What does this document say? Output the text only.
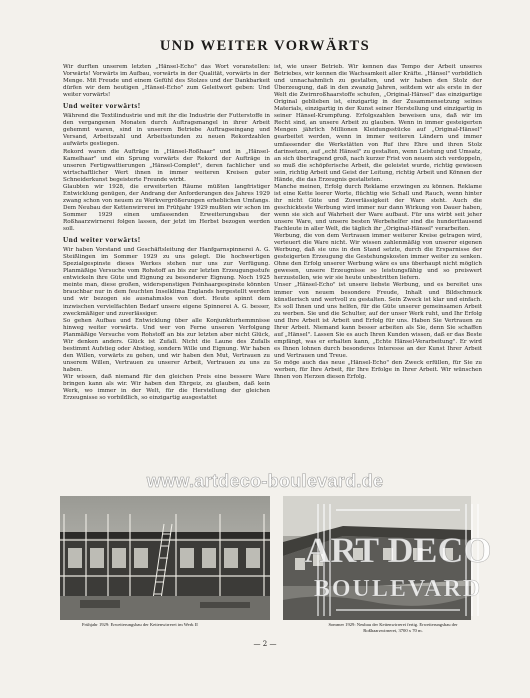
UND WEITER VORWÄRTS

Wir durften unserem letzten „Hänsel-Echo" das Wort voranstellen: Vorwärts! Vorwärts im Aufbau, vorwärts in der Qualität, vorwärts in der Menge. Mit Freude und einem Gefühl des Stolzes und der Dankbarkeit dürfen wir dem heutigen „Hänsel-Echo" zum Geleitwort geben: Und weiter vorwärts!

Und weiter vorwärts!

Während die Textilindustrie und mit ihr die Industrie der Futterstoffe in den vergangenen Monaten durch Auftragsmangel in ihrer Arbeit gehemmt waren, sind in unserem Betriebe Auftragseingang und Versand, Arbeitszahl und Arbeitsstunden zu neuen Rekordzahlen aufwärts gestiegen.

Rekord waren die Aufträge in „Hänsel-Roßhaar" und in „Hänsel-Kamelhaar" und ein Sprung vorwärts der Rekord der Aufträge in unseren Fertigwattierungen „Hänsel-Complet", deren fachlicher und wirtschaftlicher Wert ihnen in immer weiteren Kreisen guter Schneiderkunst begeisterte Freunde wirbt.

Glaubten wir 1928, die erweiterten Räume müßten langfristiger Entwicklung genügen, der Andrang der Anforderungen des Jahres 1929 zwang schon von neuem zu Werkvergrößerungen erheblichen Umfangs. Dem Neubau der Kettenwirrerei im Frühjahr 1929 mußten wir schon im Sommer 1929 einen umfassenden Erweiterungsbau der Roßhaarzwirnerei folgen lassen, der jetzt im Herbst bezogen werden soll.

Und weiter vorwärts!

Wir haben Vorstand und Geschäftsleitung der Hanfgarnspinnerei A. G. Steißlingen im Sommer 1929 zu uns gelegt. Die hochwertigen Spezialgespinste dieses Werkes stehen nur uns zur Verfügung. Planmäßige Versuche vom Rohstoff an bis zur letzten Erzeugungsstufe entwickeln ihre Güte und Eignung zu besonderer Eignung. Noch 1925 meinte man, diese großen, widerspenstigen Feinhaargespinste könnten brauchbar nur in dem feuchten Inselklima Englands hergestellt werden und wir bezogen sie ausnahmslos von dort. Heute spinnt dem inzwischen vervielfachten Bedarf unsere eigene Spinnerei A. G. besser, zweckmäßiger und zuverlässiger.

So gehen Aufbau und Entwicklung über alle Konjunkturhemmnisse hinweg weiter vorwärts. Und wer von Ferne unseren Verfolgung Planmäßige Versuche vom Rohstoff an bis zur letzten aber nicht Glück, Wir denken anders. Glück ist Zufall. Nicht die Laune des Zufalls bestimmt Aufstieg oder Abstieg, sondern Wille und Eignung. Wir haben den Willen, vorwärts zu gehen, und wir haben den Mut, Vertrauen zu unserem Willen, Vertrauen zu unserer Arbeit, Vertrauen zu uns zu haben.

Wir wissen, daß niemand für den gleichen Preis eine bessere Ware bringen kann als wir. Wir haben den Ehrgeiz, zu glauben, daß kein Werk, wo immer in der Welt, für die Herstellung der gleichen Erzeugnisse so vorbildlich, so einzigartig ausgestattet

ist, wie unser Betrieb. Wir kennen das Tempo der Arbeit unseres Betriebes, wir kennen die Wachsamkeit aller Kräfte. „Hänsel" vorbildlich und unnachahmlich zu gestalten, und wir haben den Stolz der Überzeugung, daß in den zwanzig Jahren, seitdem wir als erste in der Welt die Zwirnroßhaarstoffe schufen, „Original-Hänsel" das einzigartige Original geblieben ist, einzigartig in der Zusammensetzung seines Materials, einzigartig in der Kunst seiner Herstellung und einzigartig in seiner Hänsel-Krumpfung. Erfolgszahlen beweisen uns, daß wir im Recht sind, an unsere Arbeit zu glauben. Wenn in immer gesteigerten Mengen jährlich Millionen Kleidungsstücke auf „Original-Hänsel" gearbeitet werden, wenn in immer weiteren Ländern und immer umfassender die Werkstätten von Ruf ihre Ehre und ihren Stolz darinsetzen, auf „echt Hänsel" zu gestalten, wenn Leistung und Umsatz, an sich übertragend groß, nach kurzer Frist von neuem sich verdoppeln, so muß die schöpferische Arbeit, die geleistet wurde, richtig gewiesen sein, richtig Arbeit und Geist der Leitung, richtig Arbeit und Können der Hände, die das Erzeugnis gestalteten.

Manche meinen, Erfolg durch Reklame erzwingen zu können. Reklame ist eine Kette leerer Worte, flüchtig wie Schall und Rauch, wenn hinter ihr nicht Güte und Zuverlässigkeit der Ware steht. Auch die geschickteste Werbung wird immer nur dann Wirkung von Dauer haben, wenn sie sich auf Wahrheit der Ware aufbaut. Für uns wirbt seit jeher unsere Ware, und unsere besten Werbehelfer sind die hunderttausend Fachleute in aller Welt, die täglich ihr „Original-Hänsel" verarbeiten.

Werbung, die von dem Vertrauen immer weiterer Kreise getragen wird, verteuert die Ware nicht. Wir wissen zahlenmäßig von unserer eigenen Werbung, daß sie uns in den Stand setzte, durch die Ersparnisse der gesteigerten Erzeugung die Gestehungskosten immer weiter zu senken. Ohne den Erfolg unserer Werbung wäre es uns überhaupt nicht möglich gewesen, unsere Erzeugnisse so leistungsfähig und so preiswert herzustellen, wie wir sie heute unbestritten liefern.

Unser „Hänsel-Echo" ist unsere liebste Werbung, und es bereitet uns immer von neuem besondere Freude, Inhalt und Bildschmuck künstlerisch und wertvoll zu gestalten. Sein Zweck ist klar und einfach. Es soll Ihnen und uns helfen, für die Güte unserer gemeinsamen Arbeit zu werben. Sie und die Schulter, auf der unser Werk ruht, und Ihr Erfolg und Ihre Arbeit ist Arbeit und Erfolg für uns. Haben Sie Vertrauen zu Ihrer Arbeit. Niemand kann besser arbeiten als Sie, denn Sie schaffen auf „Hänsel". Lassen Sie es auch Ihren Kunden wissen, daß er das Beste empfängt, was er erhalten kann, „Echte Hänsel-Verarbeitung". Er wird es Ihnen lohnen durch besonderes Interesse an der Kunst Ihrer Arbeit und Vertrauen und Treue.

So möge auch das neue „Hänsel-Echo" den Zweck erfüllen, für Sie zu werben, für Ihre Arbeit, für Ihre Erfolge in Ihrer Arbeit. Wir wünschen Ihnen von Herzen diesen Erfolg.

Frühjahr 1929: Erweiterungsbau der Kettenwirrerei im Werk II	Sommer 1929: Neubau der Kettenwirrerei fertig. Erweiterungsbau der Roßhaarzwirnerei, 3700 x 70 m.
— 2 —
www.artdeco-boulevard.de
ART DECO
BOULEVARD
